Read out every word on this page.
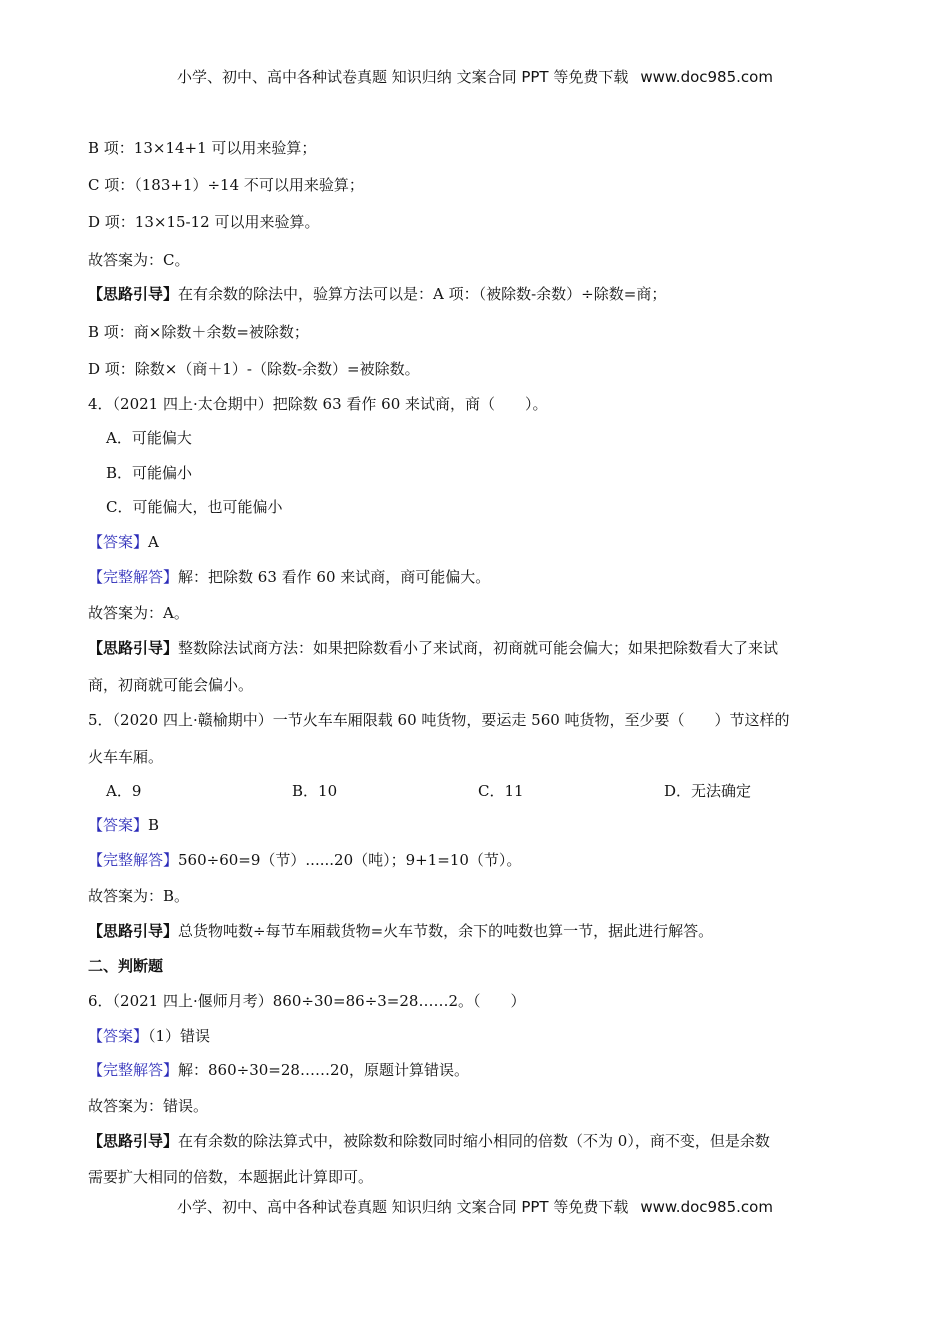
小学、初中、高中各种试卷真题 知识归纳 文案合同 PPT 等免费下载 www.doc985.com
B 项：13×14+1 可以用来验算；
C 项：（183+1）÷14 不可以用来验算；
D 项：13×15-12 可以用来验算。
故答案为：C。
【思路引导】在有余数的除法中，验算方法可以是：A 项：（被除数-余数）÷除数=商；
B 项：商×除数＋余数=被除数；
D 项：除数×（商＋1）-（除数-余数）=被除数。
4．（2021 四上·太仓期中）把除数 63 看作 60 来试商，商（　　）。
A．可能偏大
B．可能偏小
C．可能偏大，也可能偏小
【答案】A
【完整解答】解：把除数 63 看作 60 来试商，商可能偏大。
故答案为：A。
【思路引导】整数除法试商方法：如果把除数看小了来试商，初商就可能会偏大；如果把除数看大了来试
商，初商就可能会偏小。
5．（2020 四上·赣榆期中）一节火车车厢限载 60 吨货物，要运走 560 吨货物，至少要（　　）节这样的
火车车厢。
A．9	B．10	C．11	D．无法确定
【答案】B
【完整解答】560÷60=9（节）......20（吨）；9+1=10（节）。
故答案为：B。
【思路引导】总货物吨数÷每节车厢载货物=火车节数，余下的吨数也算一节，据此进行解答。
二、判断题
6．（2021 四上·偃师月考）860÷30=86÷3=28……2。（　　）
【答案】（1）错误
【完整解答】解：860÷30=28……20，原题计算错误。
故答案为：错误。
【思路引导】在有余数的除法算式中，被除数和除数同时缩小相同的倍数（不为 0），商不变，但是余数
需要扩大相同的倍数，本题据此计算即可。
小学、初中、高中各种试卷真题 知识归纳 文案合同 PPT 等免费下载 www.doc985.com
